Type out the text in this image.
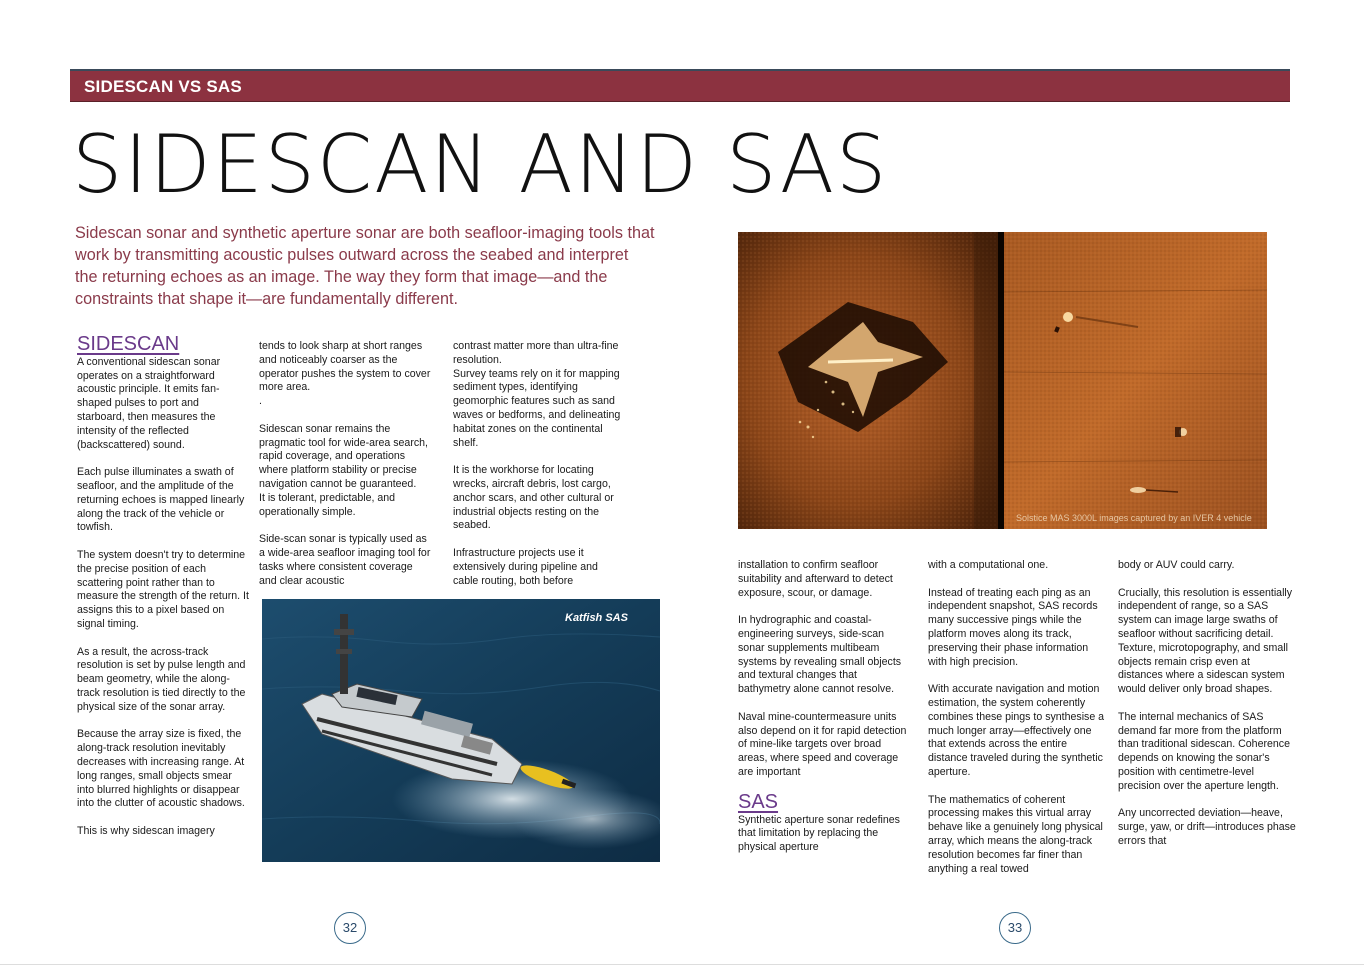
SIDESCAN VS SAS
SIDESCAN AND SAS
Sidescan sonar and synthetic aperture sonar are both seafloor-imaging tools that work by transmitting acoustic pulses outward across the seabed and interpret the returning echoes as an image. The way they form that image—and the constraints that shape it—are fundamentally different.
SIDESCAN

A conventional sidescan sonar operates on a straightforward acoustic principle. It emits fan-shaped pulses to port and starboard, then measures the intensity of the reflected (backscattered) sound.

Each pulse illuminates a swath of seafloor, and the amplitude of the returning echoes is mapped linearly along the track of the vehicle or towfish.

The system doesn't try to determine the precise position of each scattering point rather than to measure the strength of the return. It assigns this to a pixel based on signal timing.

As a result, the across-track resolution is set by pulse length and beam geometry, while the along-track resolution is tied directly to the physical size of the sonar array.

Because the array size is fixed, the along-track resolution inevitably decreases with increasing range. At long ranges, small objects smear into blurred highlights or disappear into the clutter of acoustic shadows.

This is why sidescan imagery

tends to look sharp at short ranges and noticeably coarser as the operator pushes the system to cover more area.
.

Sidescan sonar remains the pragmatic tool for wide-area search, rapid coverage, and operations where platform stability or precise navigation cannot be guaranteed.
It is tolerant, predictable, and operationally simple.

Side-scan sonar is typically used as a wide-area seafloor imaging tool for tasks where consistent coverage and clear acoustic

contrast matter more than ultra-fine resolution.
Survey teams rely on it for mapping sediment types, identifying geomorphic features such as sand waves or bedforms, and delineating habitat zones on the continental shelf.

It is the workhorse for locating wrecks, aircraft debris, lost cargo, anchor scars, and other cultural or industrial objects resting on the seabed.

Infrastructure projects use it extensively during pipeline and cable routing, both before

Katfish SAS
Solstice MAS 3000L images captured by an IVER 4 vehicle

installation to confirm seafloor suitability and afterward to detect exposure, scour, or damage.

In hydrographic and coastal-engineering surveys, side-scan sonar supplements multibeam systems by revealing small objects and textural changes that bathymetry alone cannot resolve.

Naval mine-countermeasure units also depend on it for rapid detection of mine-like targets over broad areas, where speed and coverage are important

SAS

Synthetic aperture sonar redefines that limitation by replacing the physical aperture

with a computational one.

Instead of treating each ping as an independent snapshot, SAS records many successive pings while the platform moves along its track, preserving their phase information with high precision.

With accurate navigation and motion estimation, the system coherently combines these pings to synthesise a much longer array—effectively one that extends across the entire distance traveled during the synthetic aperture.

The mathematics of coherent processing makes this virtual array behave like a genuinely long physical array, which means the along-track resolution becomes far finer than anything a real towed

body or AUV could carry.

Crucially, this resolution is essentially independent of range, so a SAS system can image large swaths of seafloor without sacrificing detail. Texture, microtopography, and small objects remain crisp even at distances where a sidescan system would deliver only broad shapes.

The internal mechanics of SAS demand far more from the platform than traditional sidescan. Coherence depends on knowing the sonar's position with centimetre-level precision over the aperture length.

Any uncorrected deviation—heave, surge, yaw, or drift—introduces phase errors that

32	33
